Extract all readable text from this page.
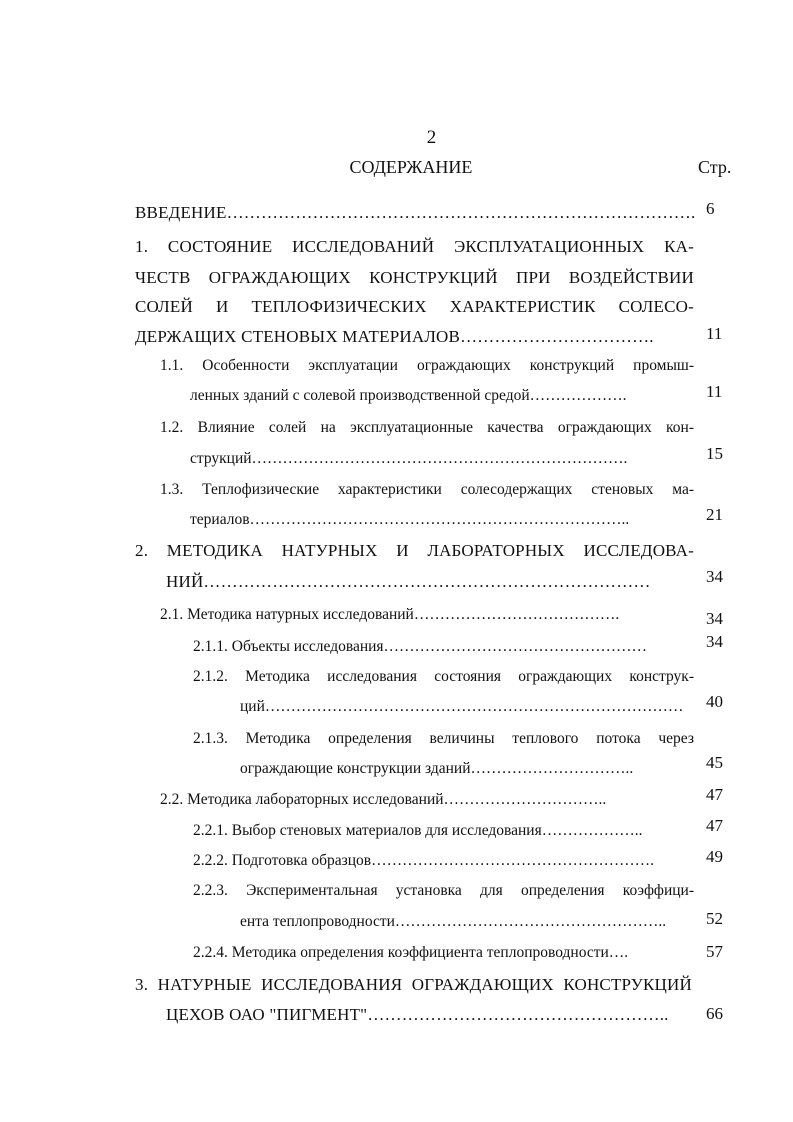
2
СОДЕРЖАНИЕ	Стр.
ВВЕДЕНИЕ………………………………………………………………………. 6
1. СОСТОЯНИЕ ИССЛЕДОВАНИЙ ЭКСПЛУАТАЦИОННЫХ КА-
ЧЕСТВ ОГРАЖДАЮЩИХ КОНСТРУКЦИЙ ПРИ ВОЗДЕЙСТВИИ
СОЛЕЙ И ТЕПЛОФИЗИЧЕСКИХ ХАРАКТЕРИСТИК СОЛЕСО-
ДЕРЖАЩИХ СТЕНОВЫХ МАТЕРИАЛОВ…………………………….	11
1.1. Особенности эксплуатации ограждающих конструкций промыш-
ленных зданий с солевой производственной средой……………….	11
1.2. Влияние солей на эксплуатационные качества ограждающих кон-
струкций……………………………………………………………….	15
1.3. Теплофизические характеристики солесодержащих стеновых ма-
териалов………………………………………………………………..	21
2. МЕТОДИКА НАТУРНЫХ И ЛАБОРАТОРНЫХ ИССЛЕДОВА-
НИЙ……………………………………………………………………	34
2.1. Методика натурных исследований………………………………….	34
2.1.1. Объекты исследования……………………………………………	34
2.1.2. Методика исследования состояния ограждающих конструк-
ций……………………………………………………………………… 40
2.1.3. Методика определения величины теплового потока через
ограждающие конструкции зданий…………………………..	45
2.2. Методика лабораторных исследований…………………………..	47
2.2.1. Выбор стеновых материалов для исследования………………..	47
2.2.2. Подготовка образцов……………………………………………….	49
2.2.3. Экспериментальная установка для определения коэффици-
ента теплопроводности…………………………………………….. 52
2.2.4. Методика определения коэффициента теплопроводности….	57
3. НАТУРНЫЕ ИССЛЕДОВАНИЯ ОГРАЖДАЮЩИХ КОНСТРУКЦИЙ
ЦЕХОВ ОАО "ПИГМЕНТ"…………………………………………….. 66
